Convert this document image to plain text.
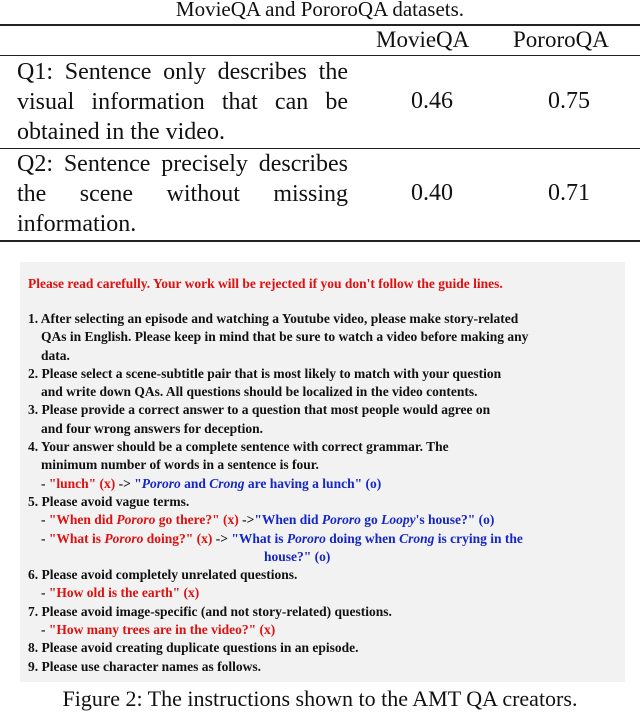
MovieQA and PororoQA datasets.
MovieQA PororoQA
Q1: Sentence only describes the visual information that can be obtained in the video.
0.46	0.75
Q2: Sentence precisely describes the scene without missing information.
0.40	0.71
Please read carefully. Your work will be rejected if you don't follow the guide lines.
1. After selecting an episode and watching a Youtube video, please make story-related
QAs in English. Please keep in mind that be sure to watch a video before making any
data.
2. Please select a scene-subtitle pair that is most likely to match with your question
and write down QAs. All questions should be localized in the video contents.
3. Please provide a correct answer to a question that most people would agree on
and four wrong answers for deception.
4. Your answer should be a complete sentence with correct grammar. The
minimum number of words in a sentence is four.
- "lunch" (x) -> "Pororo and Crong are having a lunch" (o)
5. Please avoid vague terms.
- "When did Pororo go there?" (x) ->"When did Pororo go Loopy's house?" (o)
- "What is Pororo doing?" (x) -> "What is Pororo doing when Crong is crying in the
house?" (o)
6. Please avoid completely unrelated questions.
- "How old is the earth" (x)
7. Please avoid image-specific (and not story-related) questions.
- "How many trees are in the video?" (x)
8. Please avoid creating duplicate questions in an episode.
9. Please use character names as follows.
Figure 2: The instructions shown to the AMT QA creators.
